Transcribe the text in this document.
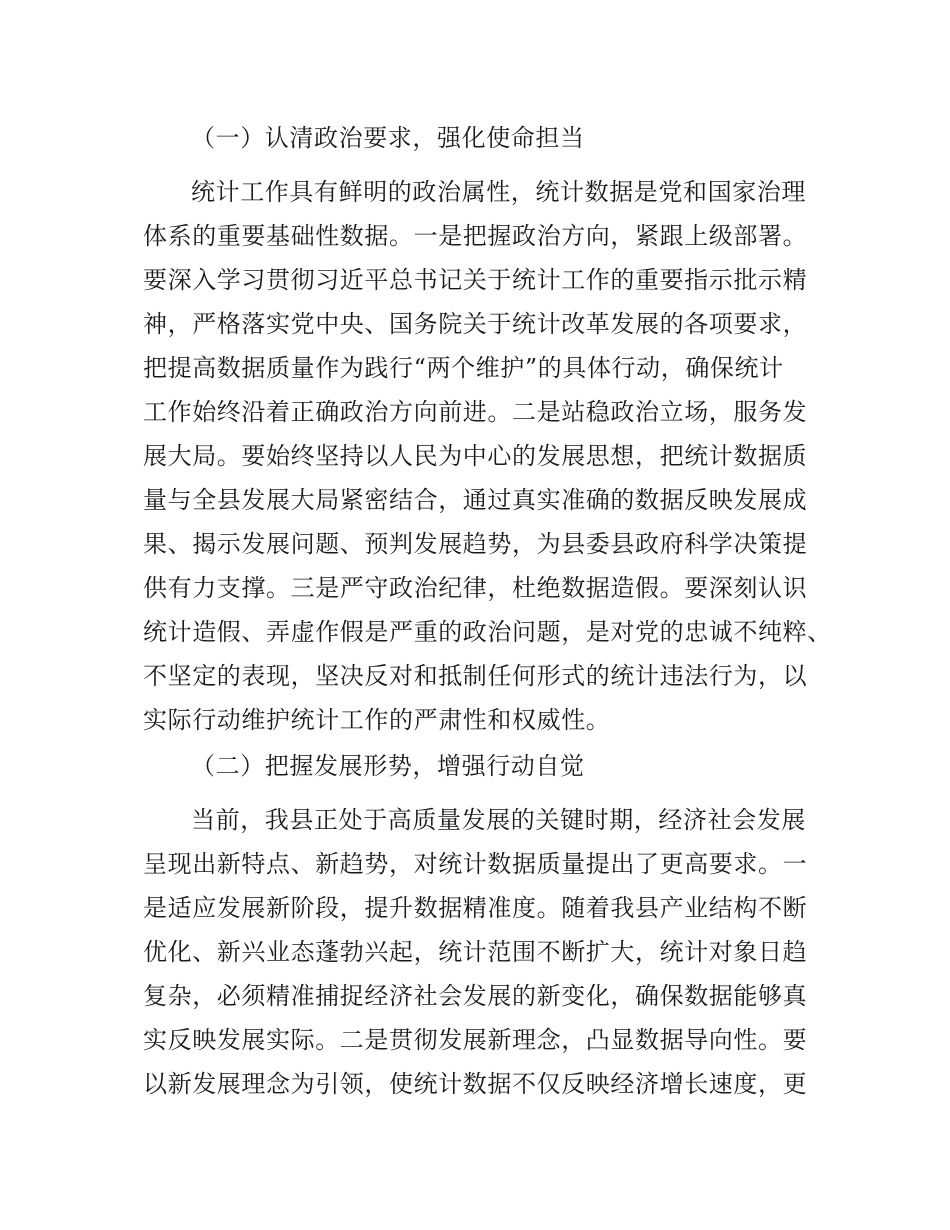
（一）认清政治要求，强化使命担当
统计工作具有鲜明的政治属性，统计数据是党和国家治理
体系的重要基础性数据。一是把握政治方向，紧跟上级部署。
要深入学习贯彻习近平总书记关于统计工作的重要指示批示精
神，严格落实党中央、国务院关于统计改革发展的各项要求，
把提高数据质量作为践行“两个维护”的具体行动，确保统计
工作始终沿着正确政治方向前进。二是站稳政治立场，服务发
展大局。要始终坚持以人民为中心的发展思想，把统计数据质
量与全县发展大局紧密结合，通过真实准确的数据反映发展成
果、揭示发展问题、预判发展趋势，为县委县政府科学决策提
供有力支撑。三是严守政治纪律，杜绝数据造假。要深刻认识
统计造假、弄虚作假是严重的政治问题，是对党的忠诚不纯粹、
不坚定的表现，坚决反对和抵制任何形式的统计违法行为，以
实际行动维护统计工作的严肃性和权威性。
（二）把握发展形势，增强行动自觉
当前，我县正处于高质量发展的关键时期，经济社会发展
呈现出新特点、新趋势，对统计数据质量提出了更高要求。一
是适应发展新阶段，提升数据精准度。随着我县产业结构不断
优化、新兴业态蓬勃兴起，统计范围不断扩大，统计对象日趋
复杂，必须精准捕捉经济社会发展的新变化，确保数据能够真
实反映发展实际。二是贯彻发展新理念，凸显数据导向性。要
以新发展理念为引领，使统计数据不仅反映经济增长速度，更
